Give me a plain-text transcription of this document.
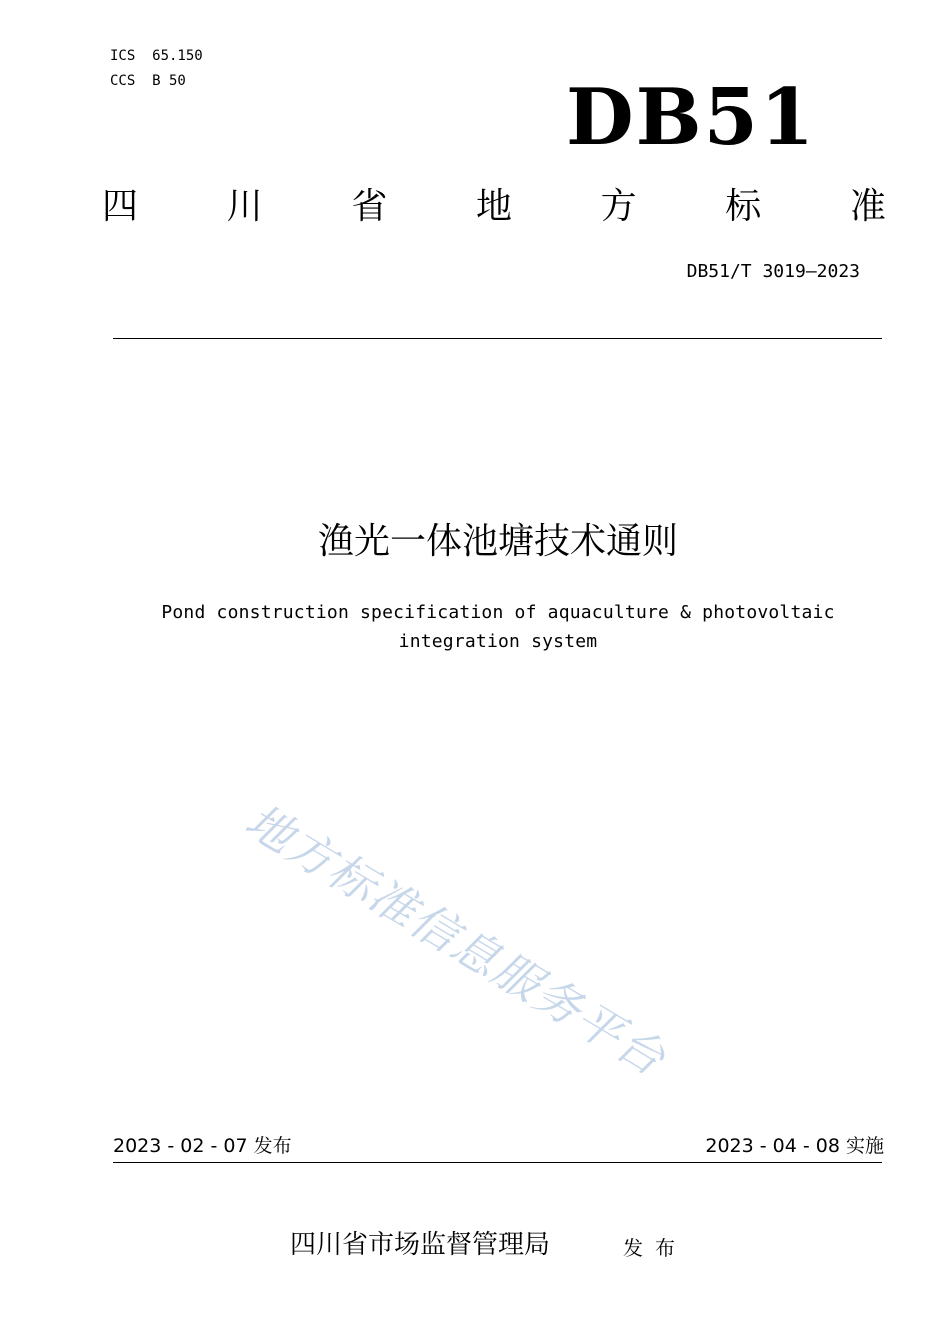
ICS  65.150
CCS  B 50	DB51
四 川 省 地 方 标 准
DB51/T 3019—2023
渔光一体池塘技术通则
Pond construction specification of aquaculture & photovoltaic
integration system
地方标准信息服务平台
2023 - 02 - 07 发布	2023 - 04 - 08 实施
四川省市场监督管理局	发布
